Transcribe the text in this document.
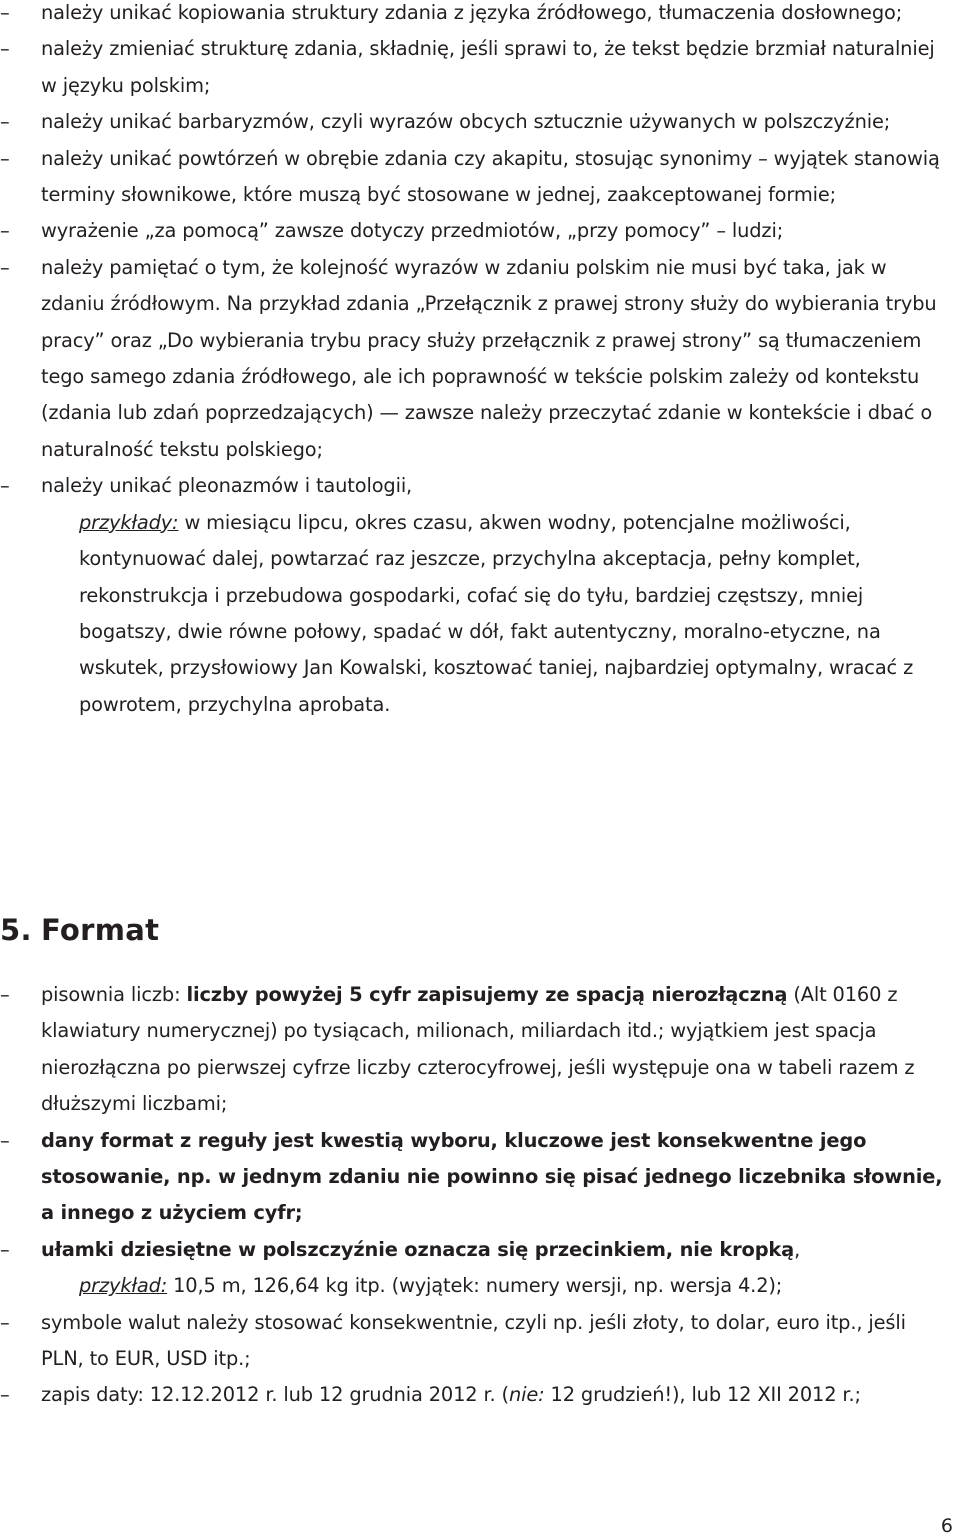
– należy unikać kopiowania struktury zdania z języka źródłowego, tłumaczenia dosłownego;
– należy zmieniać strukturę zdania, składnię, jeśli sprawi to, że tekst będzie brzmiał naturalniej w języku polskim;
– należy unikać barbaryzmów, czyli wyrazów obcych sztucznie używanych w polszczyźnie;
– należy unikać powtórzeń w obrębie zdania czy akapitu, stosując synonimy – wyjątek stanowią terminy słownikowe, które muszą być stosowane w jednej, zaakceptowanej formie;
– wyrażenie „za pomocą” zawsze dotyczy przedmiotów, „przy pomocy” – ludzi;
– należy pamiętać o tym, że kolejność wyrazów w zdaniu polskim nie musi być taka, jak w zdaniu źródłowym. Na przykład zdania „Przełącznik z prawej strony służy do wybierania trybu pracy” oraz „Do wybierania trybu pracy służy przełącznik z prawej strony” są tłumaczeniem tego samego zdania źródłowego, ale ich poprawność w tekście polskim zależy od kontekstu (zdania lub zdań poprzedzających) — zawsze należy przeczytać zdanie w kontekście i dbać o naturalność tekstu polskiego;
– należy unikać pleonazmów i tautologii,
przykłady: w miesiącu lipcu, okres czasu, akwen wodny, potencjalne możliwości, kontynuować dalej, powtarzać raz jeszcze, przychylna akceptacja, pełny komplet, rekonstrukcja i przebudowa gospodarki, cofać się do tyłu, bardziej częstszy, mniej bogatszy, dwie równe połowy, spadać w dół, fakt autentyczny, moralno-etyczne, na wskutek, przysłowiowy Jan Kowalski, kosztować taniej, najbardziej optymalny, wracać z powrotem, przychylna aprobata.
5. Format
– pisownia liczb: liczby powyżej 5 cyfr zapisujemy ze spacją nierozłączną (Alt 0160 z klawiatury numerycznej) po tysiącach, milionach, miliardach itd.; wyjątkiem jest spacja nierozłączna po pierwszej cyfrze liczby czterocyfrowej, jeśli występuje ona w tabeli razem z dłuższymi liczbami;
– dany format z reguły jest kwestią wyboru, kluczowe jest konsekwentne jego stosowanie, np. w jednym zdaniu nie powinno się pisać jednego liczebnika słownie, a innego z użyciem cyfr;
– ułamki dziesiętne w polszczyźnie oznacza się przecinkiem, nie kropką,
przykład: 10,5 m, 126,64 kg itp. (wyjątek: numery wersji, np. wersja 4.2);
– symbole walut należy stosować konsekwentnie, czyli np. jeśli złoty, to dolar, euro itp., jeśli PLN, to EUR, USD itp.;
– zapis daty: 12.12.2012 r. lub 12 grudnia 2012 r. (nie: 12 grudzień!), lub 12 XII 2012 r.;
6
